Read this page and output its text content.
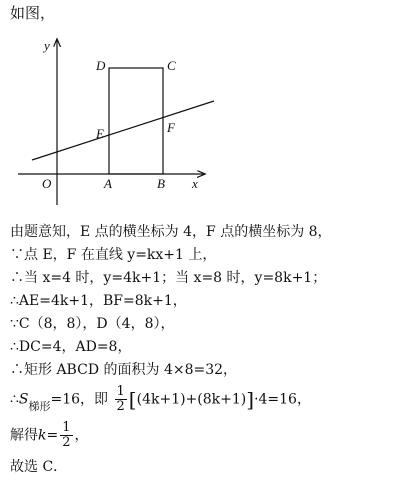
如图，
y
x
O	A	B
C
D
E	F
由题意知，E 点的横坐标为 4，F 点的横坐标为 8，
∵点 E，F 在直线 y=kx+1 上，
∴当 x=4 时，y=4k+1；当 x=8 时，y=8k+1；
∴AE=4k+1，BF=8k+1，
∵C（8，8），D（4，8），
∴DC=4，AD=8，
∴矩形 ABCD 的面积为 4×8=32，
$\therefore S_{梯形}=16$，即 $\frac{1}{2} [(4k+1)+(8k+1)]\cdot 4=16$，
解得$k= \frac{1}{2}$ ，
故选 C．
